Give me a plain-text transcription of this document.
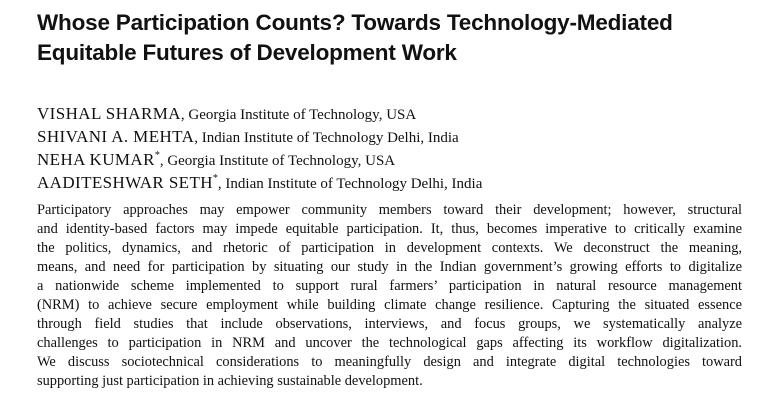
Whose Participation Counts? Towards Technology-Mediated
Equitable Futures of Development Work
VISHAL SHARMA, Georgia Institute of Technology, USA
SHIVANI A. MEHTA, Indian Institute of Technology Delhi, India
NEHA KUMAR*, Georgia Institute of Technology, USA
AADITESHWAR SETH*, Indian Institute of Technology Delhi, India
Participatory approaches may empower community members toward their development; however, structural
and identity-based factors may impede equitable participation. It, thus, becomes imperative to critically examine
the politics, dynamics, and rhetoric of participation in development contexts. We deconstruct the meaning,
means, and need for participation by situating our study in the Indian government’s growing efforts to digitalize
a nationwide scheme implemented to support rural farmers’ participation in natural resource management
(NRM) to achieve secure employment while building climate change resilience. Capturing the situated essence
through field studies that include observations, interviews, and focus groups, we systematically analyze
challenges to participation in NRM and uncover the technological gaps affecting its workflow digitalization.
We discuss sociotechnical considerations to meaningfully design and integrate digital technologies toward
supporting just participation in achieving sustainable development.
